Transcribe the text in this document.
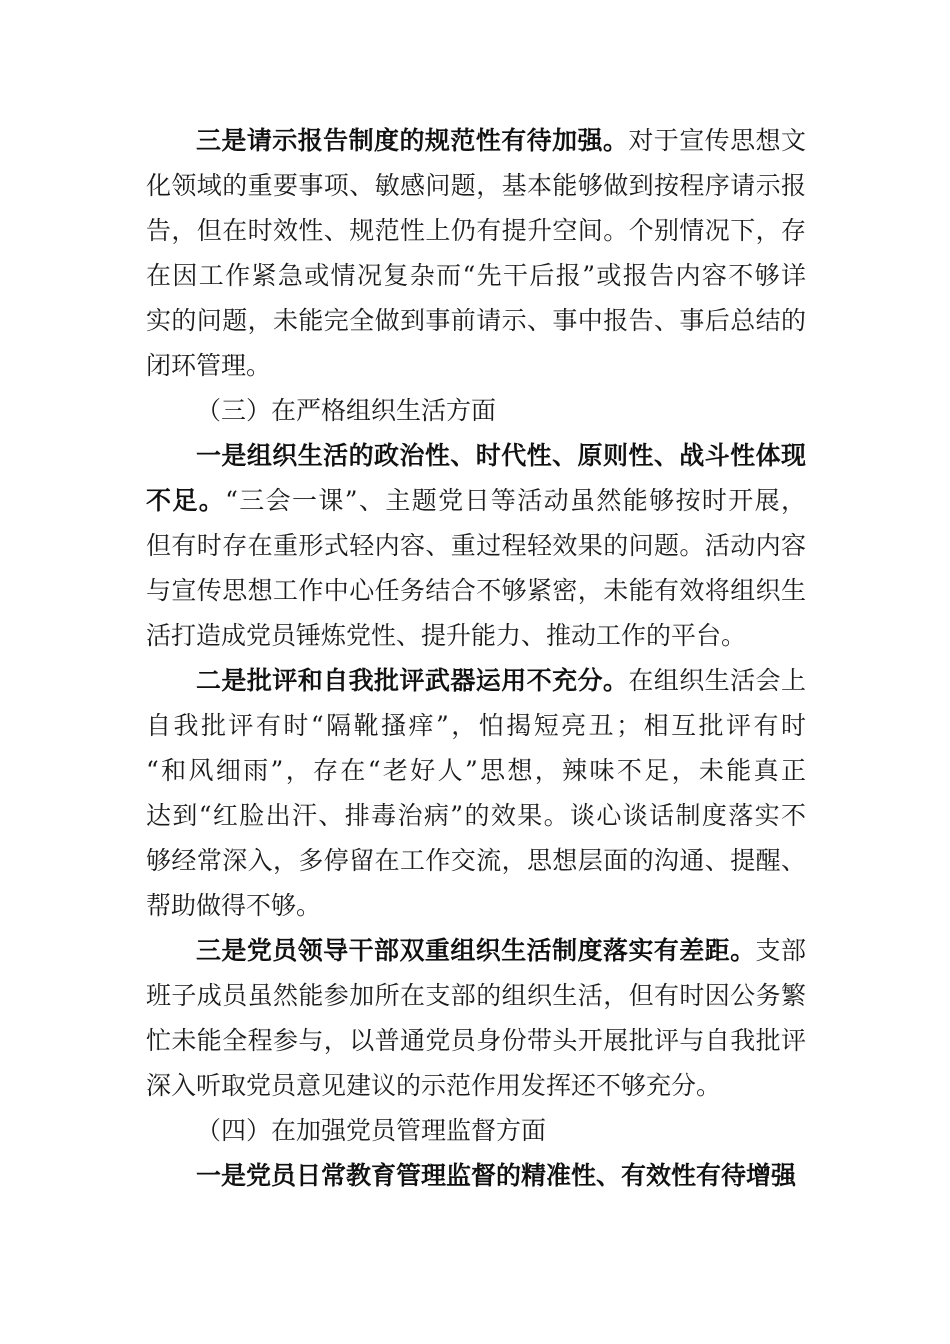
三是请示报告制度的规范性有待加强。对于宣传思想文
化领域的重要事项、敏感问题，基本能够做到按程序请示报
告，但在时效性、规范性上仍有提升空间。个别情况下，存
在因工作紧急或情况复杂而“先干后报”或报告内容不够详
实的问题，未能完全做到事前请示、事中报告、事后总结的
闭环管理。
（三）在严格组织生活方面
一是组织生活的政治性、时代性、原则性、战斗性体现
不足。“三会一课”、主题党日等活动虽然能够按时开展，
但有时存在重形式轻内容、重过程轻效果的问题。活动内容
与宣传思想工作中心任务结合不够紧密，未能有效将组织生
活打造成党员锤炼党性、提升能力、推动工作的平台。
二是批评和自我批评武器运用不充分。在组织生活会上
自我批评有时“隔靴搔痒”，怕揭短亮丑；相互批评有时
“和风细雨”，存在“老好人”思想，辣味不足，未能真正
达到“红脸出汗、排毒治病”的效果。谈心谈话制度落实不
够经常深入，多停留在工作交流，思想层面的沟通、提醒、
帮助做得不够。
三是党员领导干部双重组织生活制度落实有差距。支部
班子成员虽然能参加所在支部的组织生活，但有时因公务繁
忙未能全程参与，以普通党员身份带头开展批评与自我批评
深入听取党员意见建议的示范作用发挥还不够充分。
（四）在加强党员管理监督方面
一是党员日常教育管理监督的精准性、有效性有待增强
